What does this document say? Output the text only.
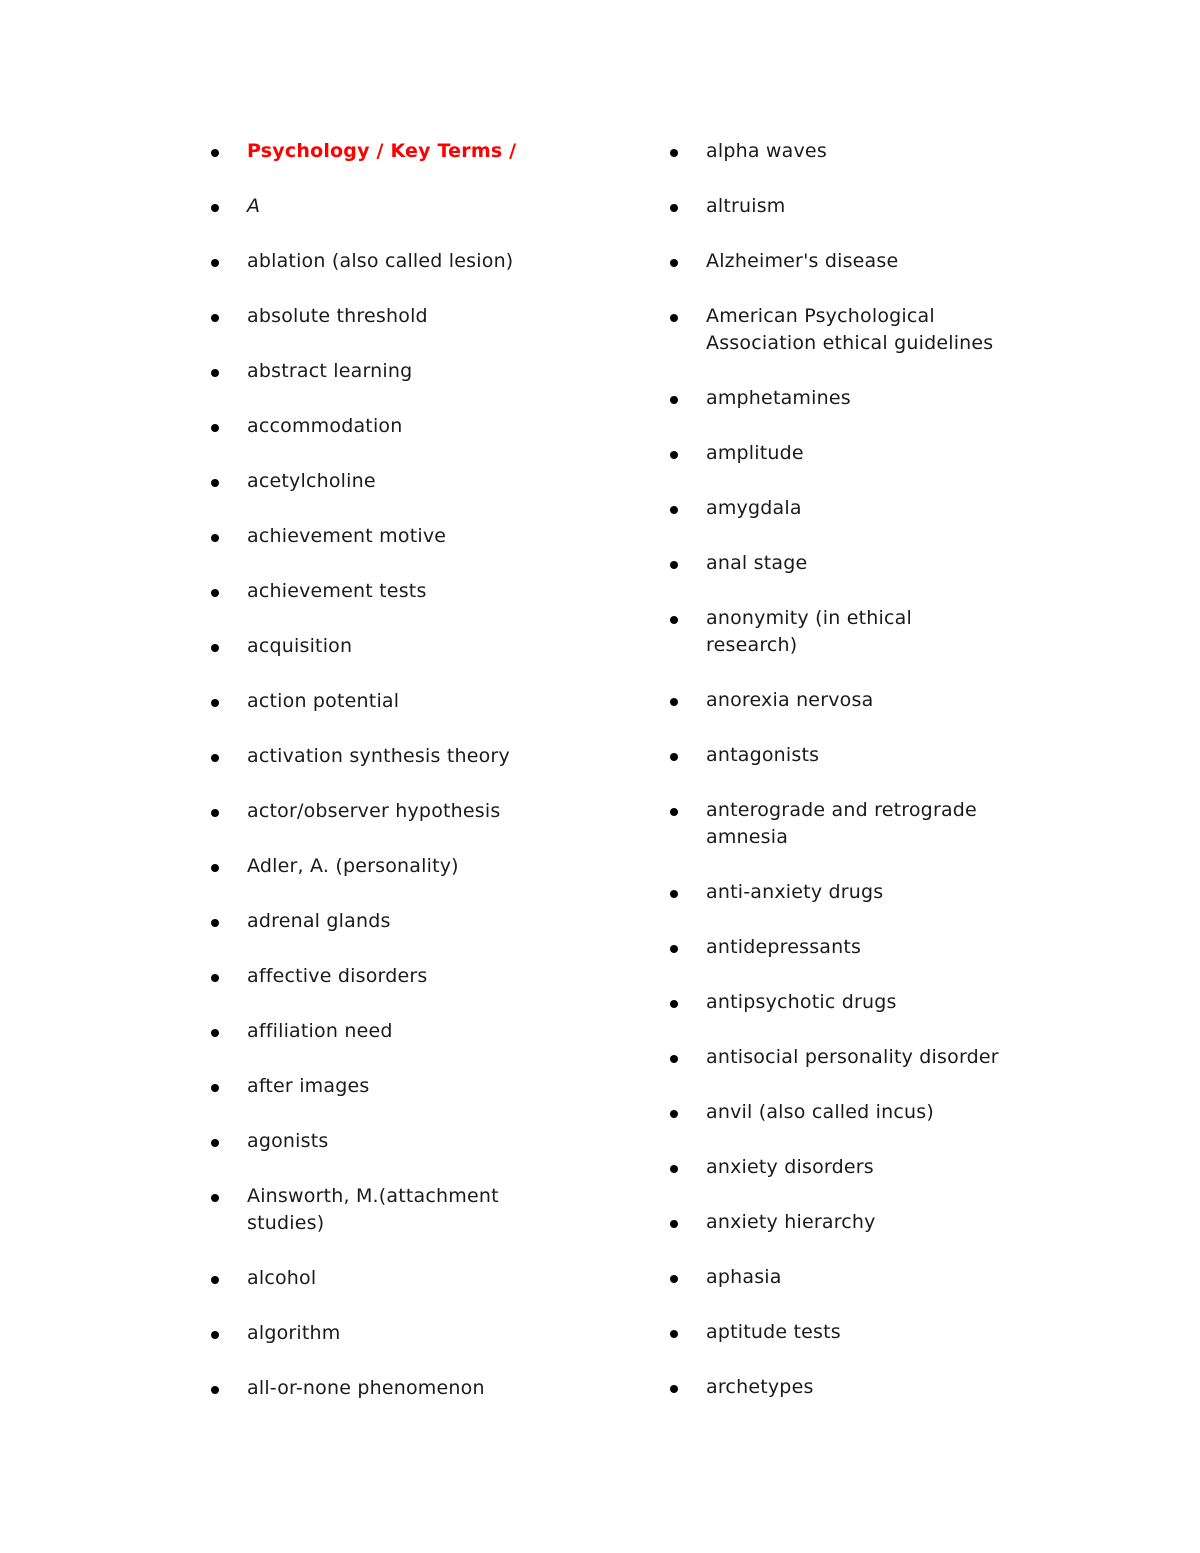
Psychology / Key Terms /
A
ablation (also called lesion)
absolute threshold
abstract learning
accommodation
acetylcholine
achievement motive
achievement tests
acquisition
action potential
activation synthesis theory
actor/observer hypothesis
Adler, A. (personality)
adrenal glands
affective disorders
affiliation need
after images
agonists
Ainsworth, M.(attachment studies)
alcohol
algorithm
all-or-none phenomenon
alpha waves
altruism
Alzheimer's disease
American Psychological Association ethical guidelines
amphetamines
amplitude
amygdala
anal stage
anonymity (in ethical research)
anorexia nervosa
antagonists
anterograde and retrograde amnesia
anti-anxiety drugs
antidepressants
antipsychotic drugs
antisocial personality disorder
anvil (also called incus)
anxiety disorders
anxiety hierarchy
aphasia
aptitude tests
archetypes
